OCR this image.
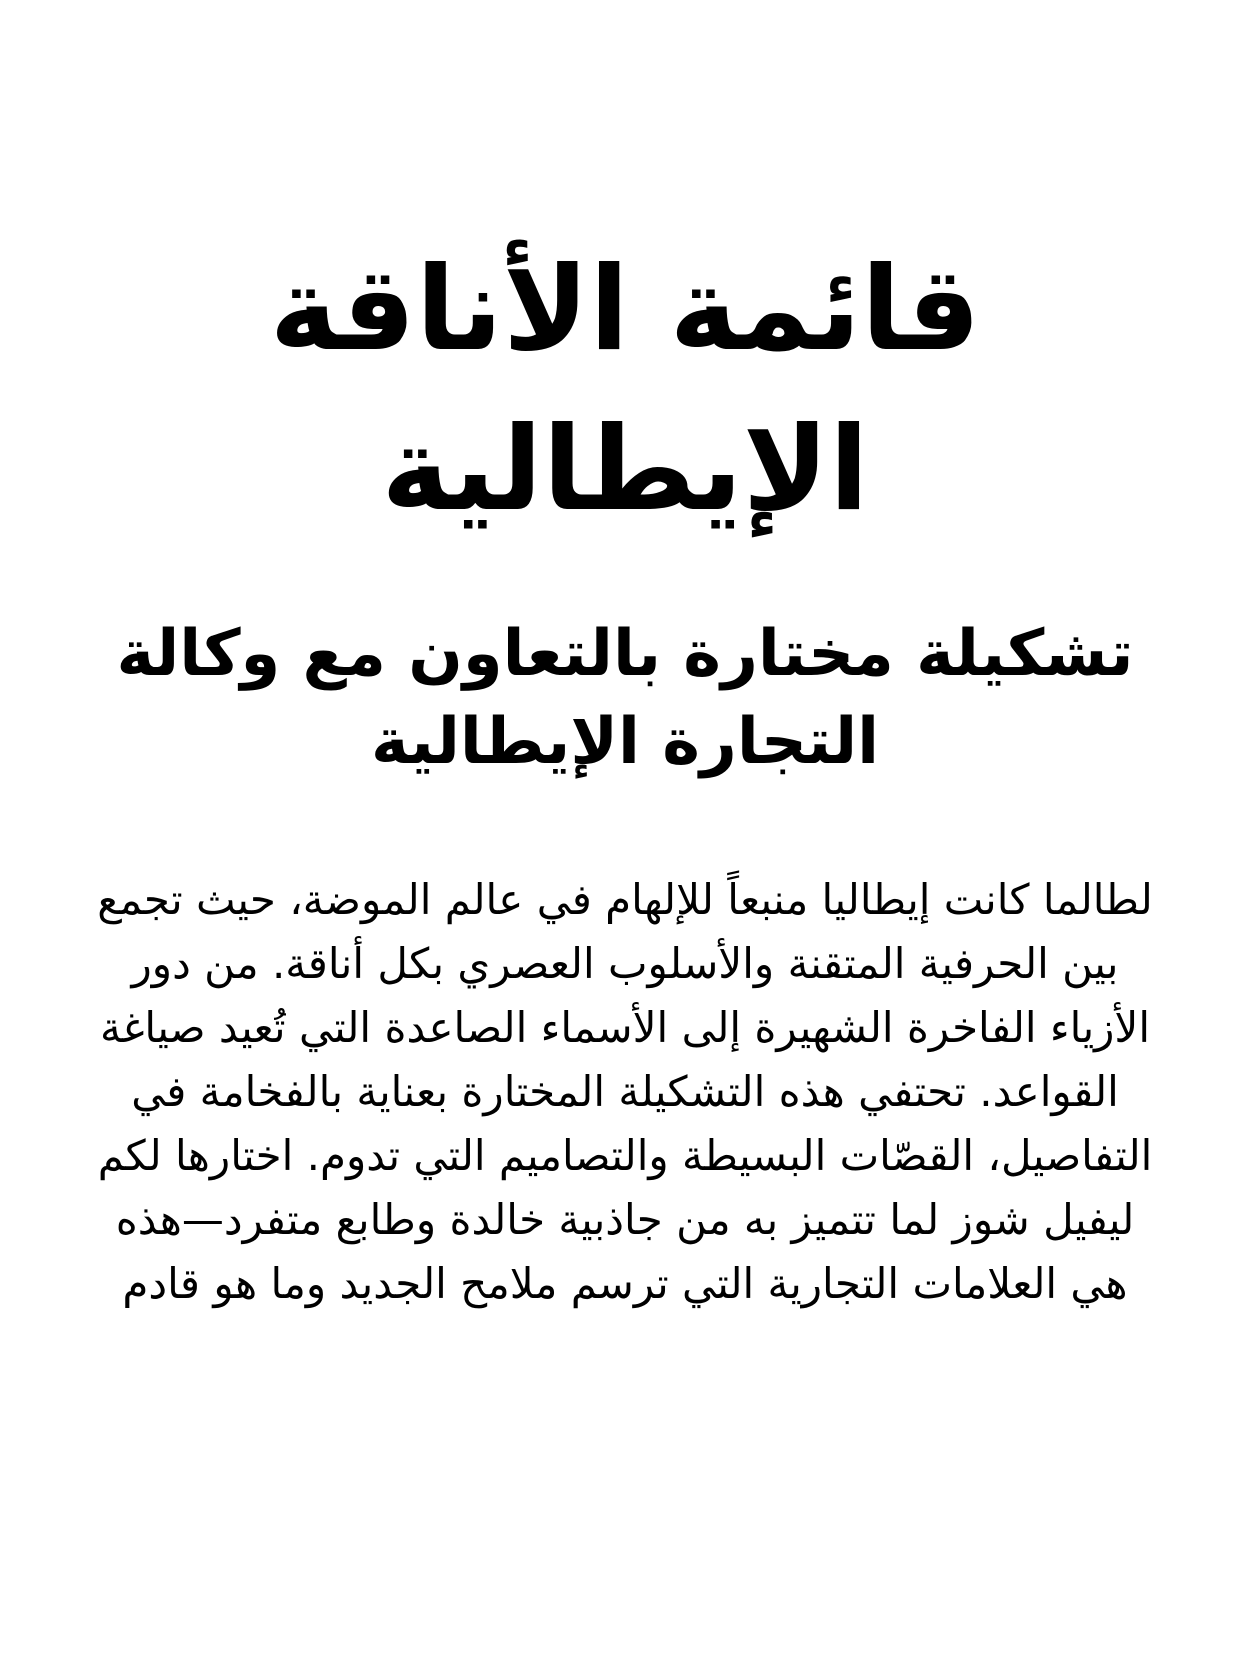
قائمة الأناقة الإيطالية
تشكيلة مختارة بالتعاون مع وكالة التجارة الإيطالية

لطالما كانت إيطاليا منبعاً للإلهام في عالم الموضة، حيث تجمع بين الحرفية المتقنة والأسلوب العصري بكل أناقة. من دور الأزياء الفاخرة الشهيرة إلى الأسماء الصاعدة التي تُعيد صياغة القواعد. تحتفي هذه التشكيلة المختارة بعناية بالفخامة في التفاصيل، القصّات البسيطة والتصاميم التي تدوم. اختارها لكم ليفيل شوز لما تتميز به من جاذبية خالدة وطابع متفرد—هذه هي العلامات التجارية التي ترسم ملامح الجديد وما هو قادم
